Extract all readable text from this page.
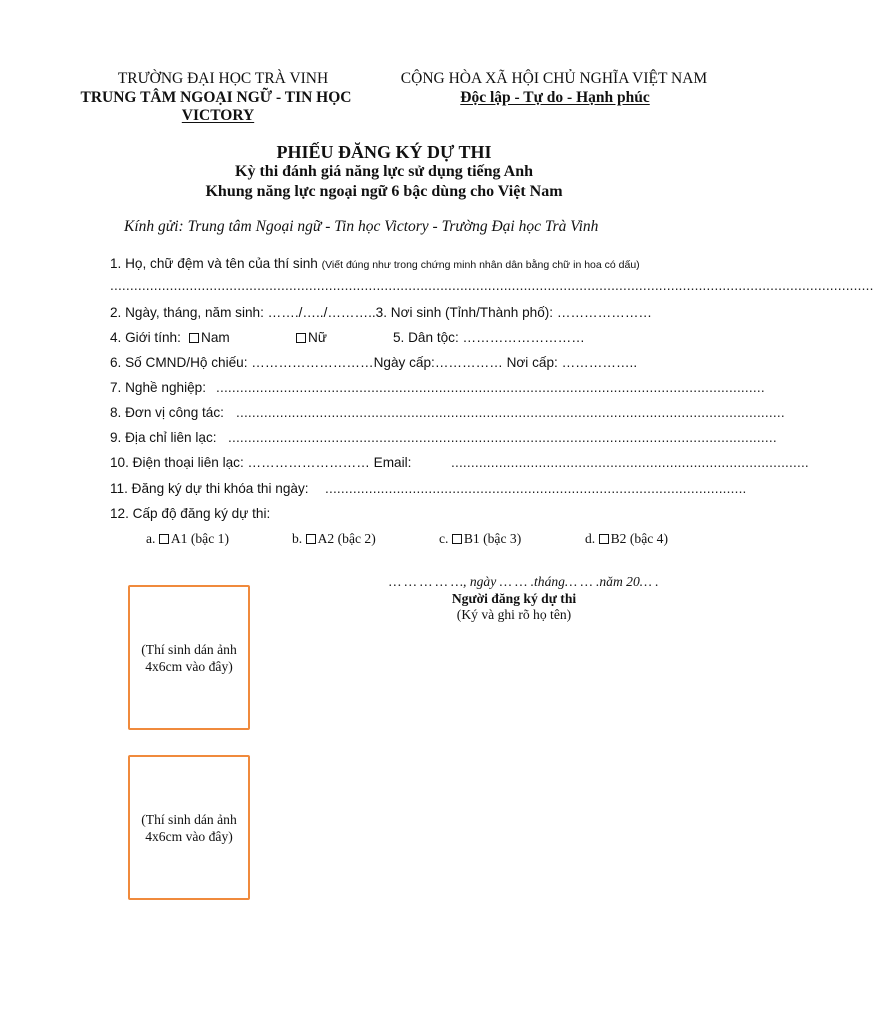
TRƯỜNG ĐẠI HỌC TRÀ VINH
TRUNG TÂM NGOẠI NGỮ - TIN HỌC
VICTORY
CỘNG HÒA XÃ HỘI CHỦ NGHĨA VIỆT NAM
Độc lập - Tự do - Hạnh phúc
PHIẾU ĐĂNG KÝ DỰ THI
Kỳ thi đánh giá năng lực sử dụng tiếng Anh
Khung năng lực ngoại ngữ 6 bậc dùng cho Việt Nam
Kính gửi: Trung tâm Ngoại ngữ - Tin học Victory - Trường Đại học Trà Vinh
1. Họ, chữ đệm và tên của thí sinh (Viết đúng như trong chứng minh nhân dân bằng chữ in hoa có dấu)
................................................................................................................................................................................................
2. Ngày, tháng, năm sinh: ……./…../………..3. Nơi sinh (Tỉnh/Thành phố): …………………
4. Giới tính:	Nam	Nữ	5. Dân tộc: ………………………
6. Số CMND/Hộ chiếu: ………………………Ngày cấp:…………… Nơi cấp: ……………..
7. Nghề nghiệp: ..........................................................................................................................................
8. Đơn vị công tác: ..........................................................................................................................................
9. Địa chỉ liên lạc: ..........................................................................................................................................
10. Điện thoại liên lạc: ……………………… Email:	..........................................................................................
11. Đăng ký dự thi khóa thi ngày: ..........................................................................................................
12. Cấp độ đăng ký dự thi:
a. A1 (bậc 1)	b. A2 (bậc 2)	c. B1 (bậc 3)	d. B2 (bậc 4)
… … … … …, ngày … … .tháng… … .năm 20… .
Người đăng ký dự thi
(Ký và ghi rõ họ tên)
(Thí sinh dán ảnh 4x6cm vào đây)
(Thí sinh dán ảnh 4x6cm vào đây)
